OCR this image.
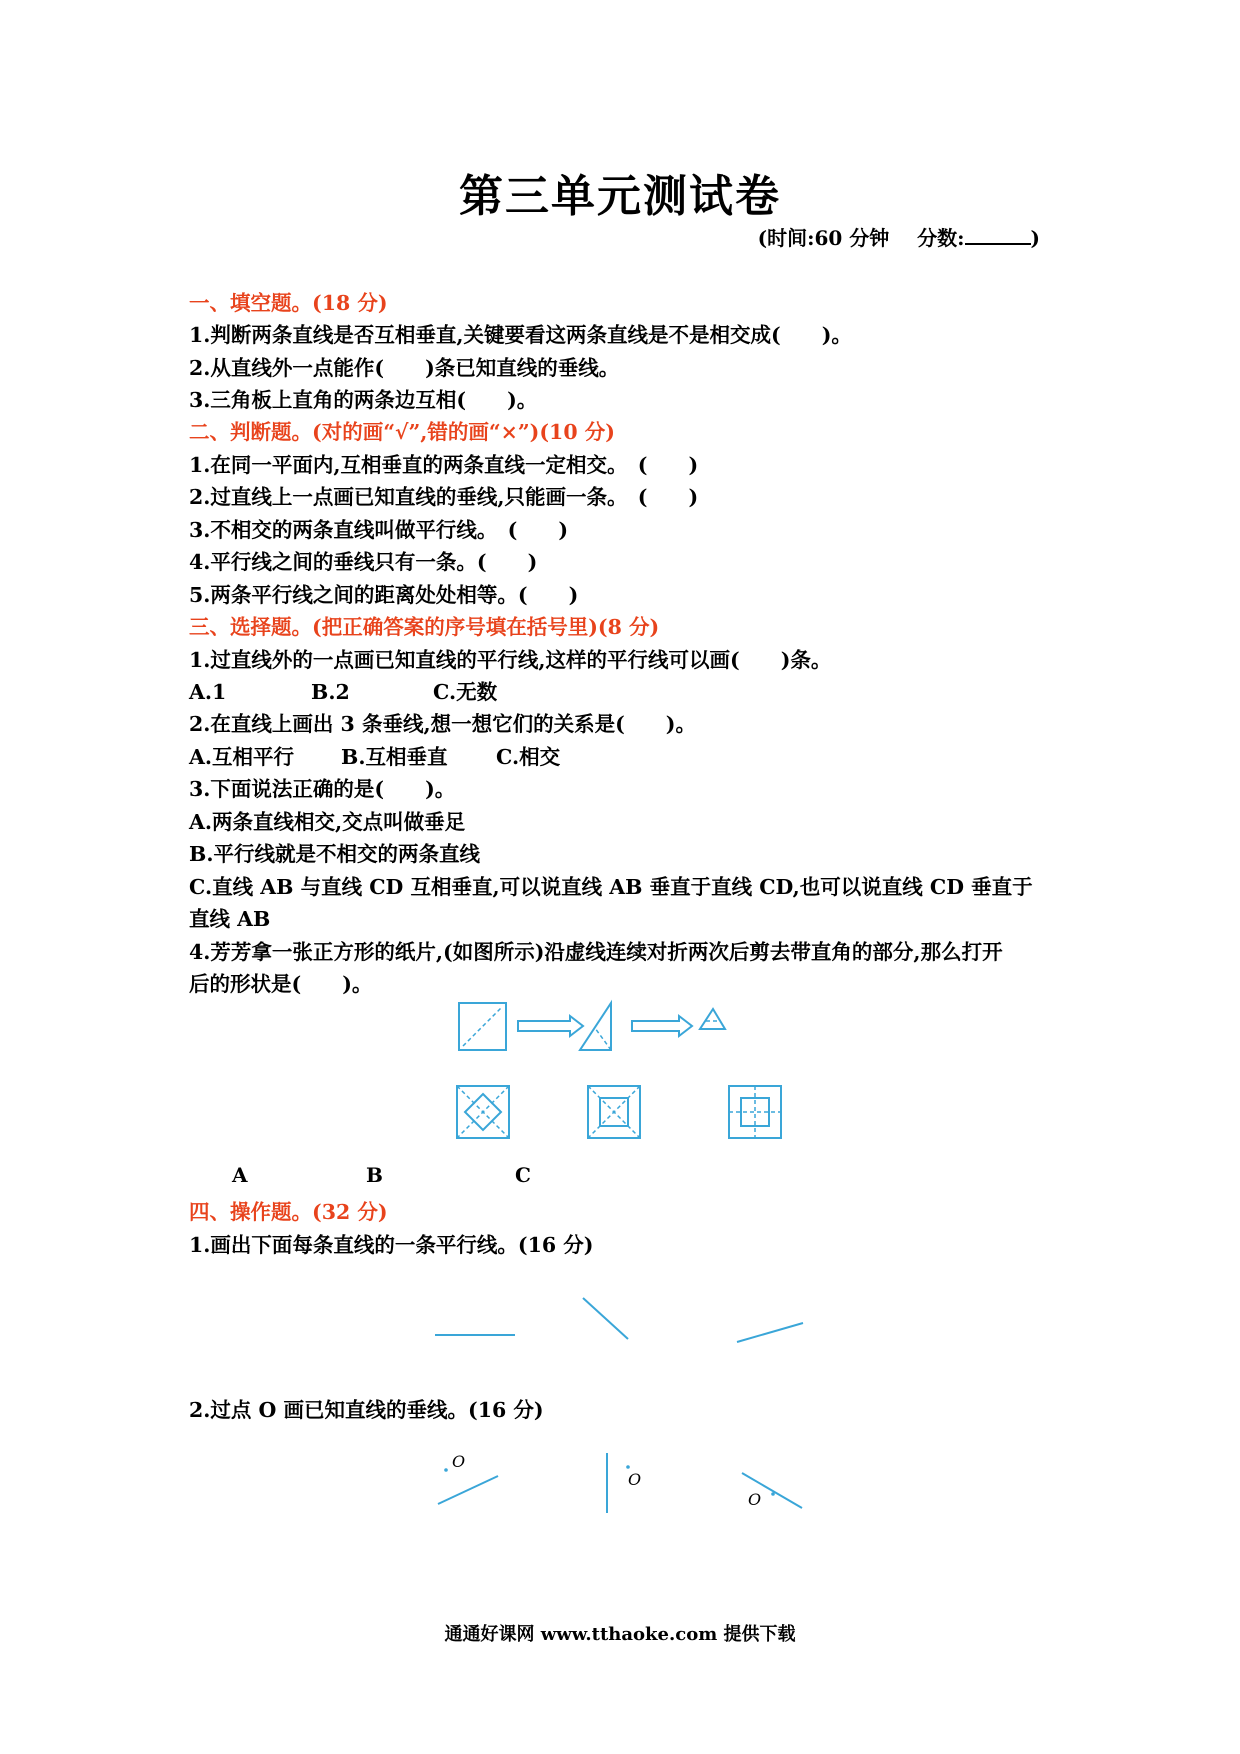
第三单元测试卷
(时间:60 分钟 分数:	)
一、填空题。(18 分)
1.判断两条直线是否互相垂直,关键要看这两条直线是不是相交成(　　)。
2.从直线外一点能作(　　)条已知直线的垂线。
3.三角板上直角的两条边互相(　　)。
二、判断题。(对的画“√”,错的画“×”)(10 分)
1.在同一平面内,互相垂直的两条直线一定相交。　(　　)
2.过直线上一点画已知直线的垂线,只能画一条。　(　　)
3.不相交的两条直线叫做平行线。　(　　)
4.平行线之间的垂线只有一条。(　　)
5.两条平行线之间的距离处处相等。(　　)
三、选择题。(把正确答案的序号填在括号里)(8 分)
1.过直线外的一点画已知直线的平行线,这样的平行线可以画(　　)条。
A.1	B.2	C.无数
2.在直线上画出 3 条垂线,想一想它们的关系是(　　)。
A.互相平行 B.互相垂直 C.相交
3.下面说法正确的是(　　)。
A.两条直线相交,交点叫做垂足
B.平行线就是不相交的两条直线
C.直线 AB 与直线 CD 互相垂直,可以说直线 AB 垂直于直线 CD,也可以说直线 CD 垂直于
直线 AB
4.芳芳拿一张正方形的纸片,(如图所示)沿虚线连续对折两次后剪去带直角的部分,那么打开
后的形状是(　　)。
A	B	C
四、操作题。(32 分)
1.画出下面每条直线的一条平行线。(16 分)
2.过点 O 画已知直线的垂线。(16 分)
O
O
O
通通好课网 www.tthaoke.com 提供下载
